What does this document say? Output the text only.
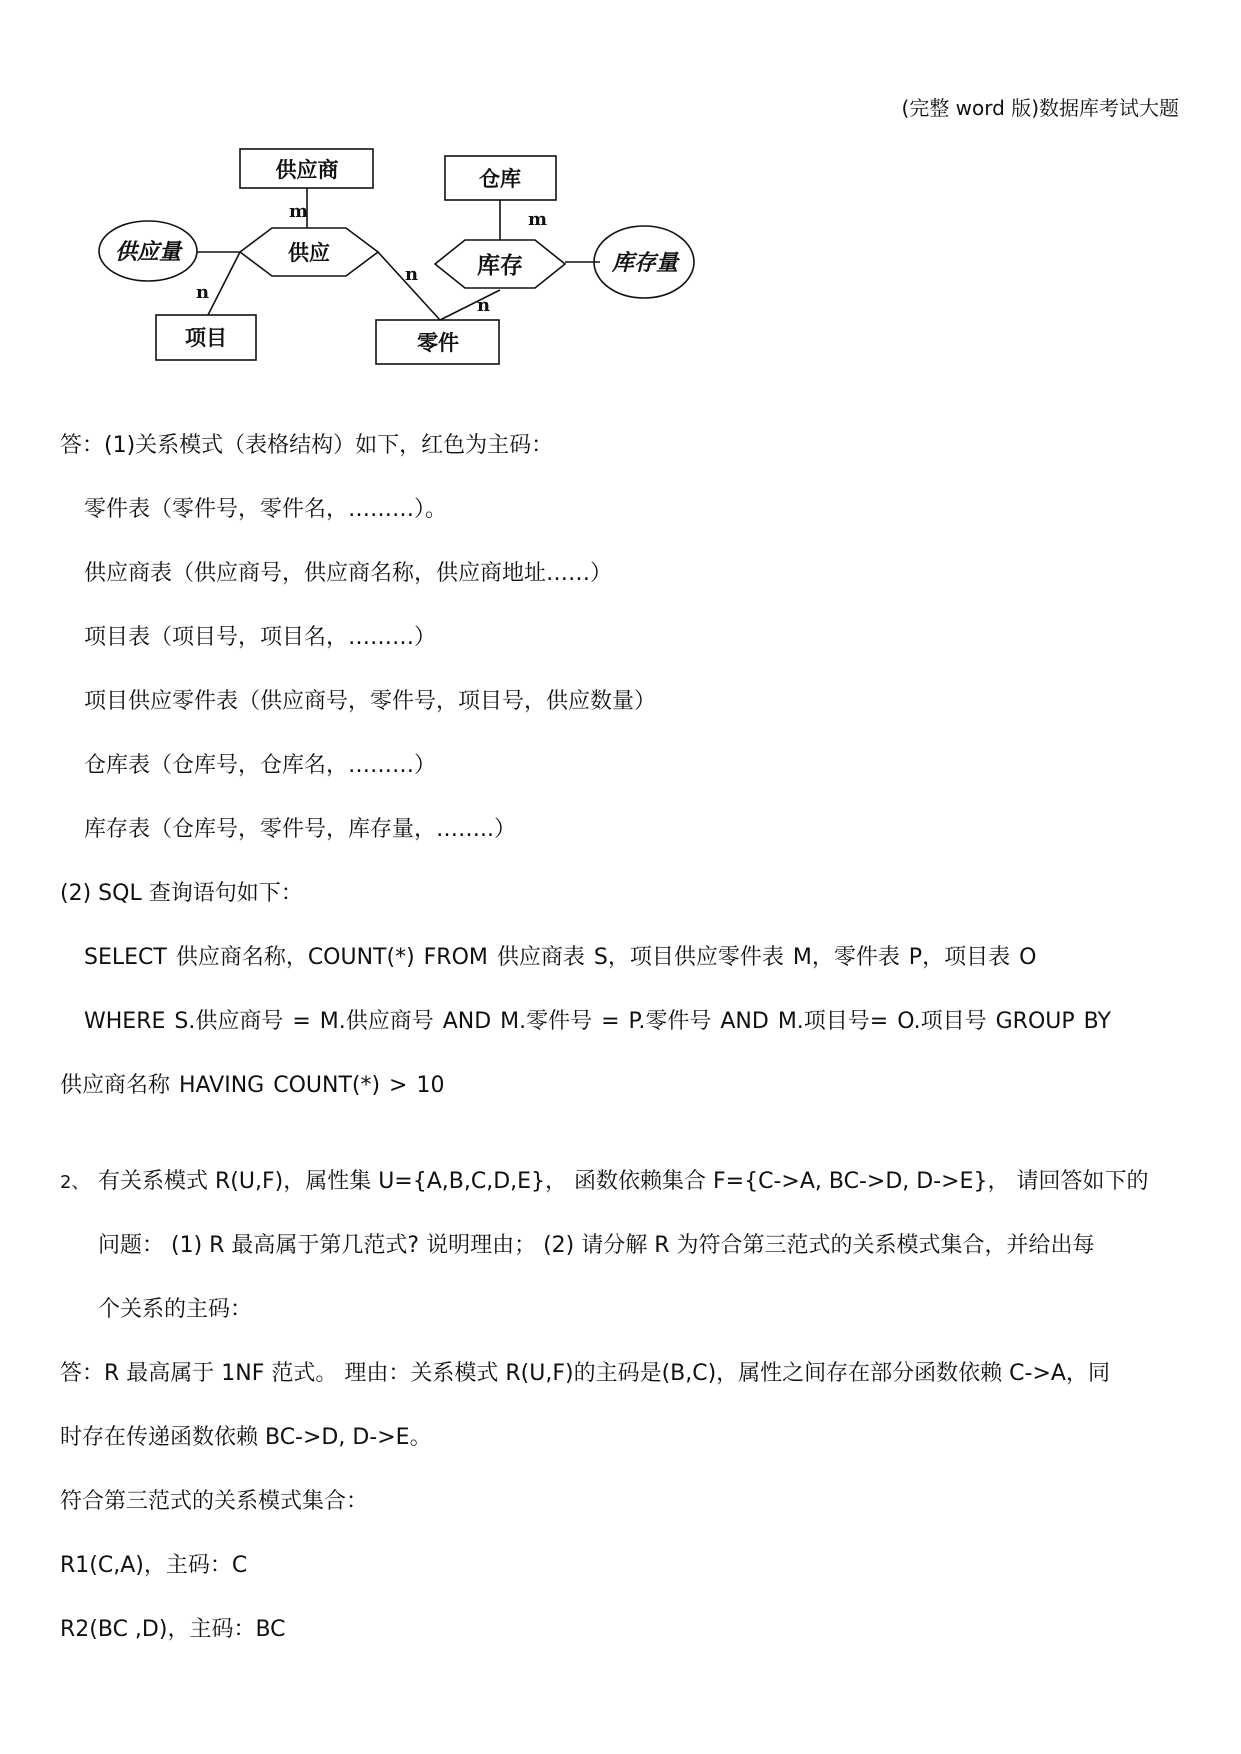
(完整 word 版)数据库考试大题
供应商	仓库
项目	零件
供应	库存
供应量	库存量
m
n
n
m
n
答：(1)关系模式（表格结构）如下，红色为主码：
零件表（零件号，零件名，………）。
供应商表（供应商号，供应商名称，供应商地址……）
项目表（项目号，项目名，………）
项目供应零件表（供应商号，零件号，项目号，供应数量）
仓库表（仓库号，仓库名，………）
库存表（仓库号，零件号，库存量，……..）
(2) SQL 查询语句如下：
SELECT 供应商名称，COUNT(*) FROM 供应商表 S，项目供应零件表 M，零件表 P，项目表 O
WHERE S.供应商号 = M.供应商号 AND M.零件号 = P.零件号 AND M.项目号= O.项目号 GROUP BY
供应商名称 HAVING COUNT(*) > 10
2、 有关系模式 R(U,F)，属性集 U={A,B,C,D,E}， 函数依赖集合 F={C->A, BC->D, D->E}， 请回答如下的
问题： (1) R 最高属于第几范式? 说明理由； (2) 请分解 R 为符合第三范式的关系模式集合，并给出每
个关系的主码：
答：R 最高属于 1NF 范式。 理由：关系模式 R(U,F)的主码是(B,C)，属性之间存在部分函数依赖 C->A，同
时存在传递函数依赖 BC->D, D->E。
符合第三范式的关系模式集合：
R1(C,A)，主码：C
R2(BC ,D)，主码：BC
